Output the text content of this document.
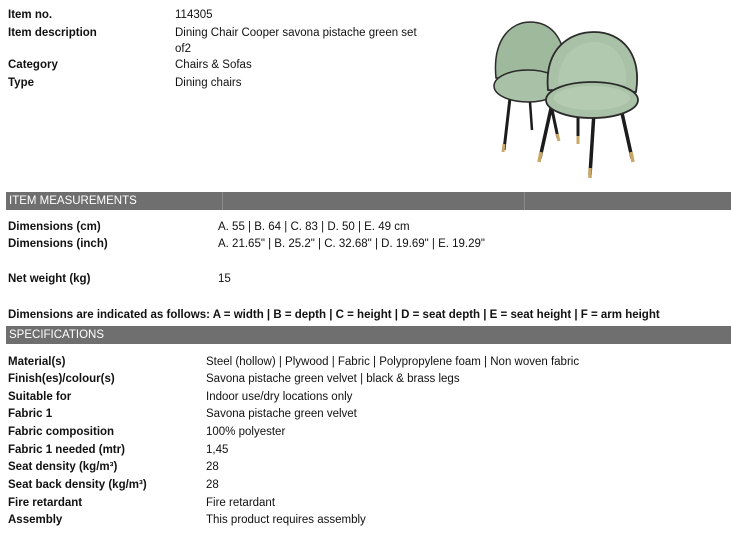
Item no.	114305
Item description	Dining Chair Cooper savona pistache green set
of2
Category	Chairs & Sofas
Type	Dining chairs
ITEM MEASUREMENTS
Dimensions (cm)	A. 55 | B. 64 | C. 83 | D. 50 | E. 49 cm
Dimensions (inch)	A. 21.65" | B. 25.2" | C. 32.68" | D. 19.69" | E. 19.29"
Net weight (kg)	15
Dimensions are indicated as follows: A = width | B = depth | C = height | D = seat depth | E = seat height | F = arm height
SPECIFICATIONS
Material(s)	Steel (hollow) | Plywood | Fabric | Polypropylene foam | Non woven fabric
Finish(es)/colour(s)	Savona pistache green velvet | black & brass legs
Suitable for	Indoor use/dry locations only
Fabric 1	Savona pistache green velvet
Fabric composition	100% polyester
Fabric 1 needed (mtr)	1,45
Seat density (kg/m³)	28
Seat back density (kg/m³)	28
Fire retardant	Fire retardant
Assembly	This product requires assembly
